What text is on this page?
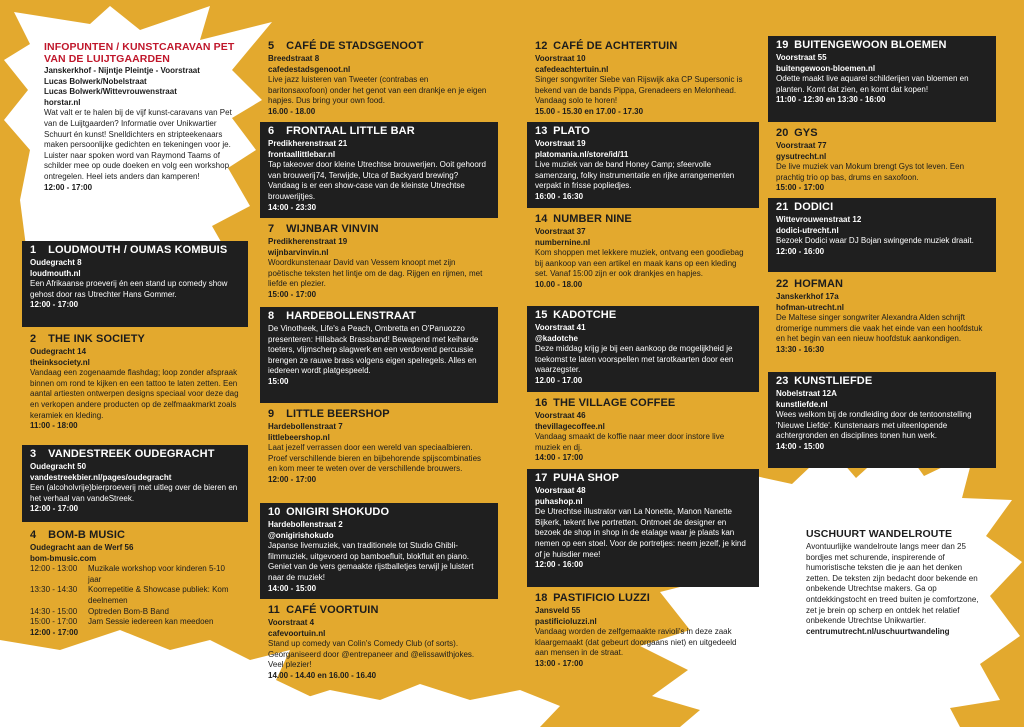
INFOPUNTEN / KUNSTCARAVAN PET VAN DE LUIJTGAARDEN
Janskerkhof - Nijntje Pleintje - Voorstraat
Lucas Bolwerk/Nobelstraat
Lucas Bolwerk/Wittevrouwenstraat
horstar.nl
Wat valt er te halen bij de vijf kunst-caravans van Pet van de Luijtgaarden? Informatie over Unikwartier Schuurt én kunst! Snelldichters en stripteekenaars maken persoonlijke gedichten en tekeningen voor je. Luister naar spoken word van Raymond Taams of schilder mee op oude doeken en volg een workshop ontregelen. Heel iets anders dan kamperen!
12:00 - 17:00
1 LOUDMOUTH / OUMAS KOMBUIS
Oudegracht 8
loudmouth.nl
Een Afrikaanse proeverij én een stand up comedy show gehost door ras Utrechter Hans Gommer.
12:00 - 17:00
2 THE INK SOCIETY
Oudegracht 14
theinksociety.nl
Vandaag een zogenaamde flashdag; loop zonder afspraak binnen om rond te kijken en een tattoo te laten zetten. Een aantal artiesten ontwerpen designs speciaal voor deze dag en verkopen andere producten op de zelfmaakmarkt zoals keramiek en kleding.
11:00 - 18:00
3 VANDESTREEK OUDEGRACHT
Oudegracht 50
vandestreekbier.nl/pages/oudegracht
Een (alcoholvrije)bierproeverij met uitleg over de bieren en het verhaal van vandeStreek.
12:00 - 17:00
4 BOM-B MUSIC
Oudegracht aan de Werf 56
bom-bmusic.com
12:00 - 13:00	Muzikale workshop voor kinderen 5-10 jaar
13:30 - 14:30	Koorrepetitie & Showcase publiek: Kom deelnemen
14:30 - 15:00	Optreden Bom-B Band
15:00 - 17:00	Jam Sessie iedereen kan meedoen
12:00 - 17:00
5 CAFÉ DE STADSGENOOT
Breedstraat 8
cafedestadsgenoot.nl
Live jazz luisteren van Tweeter (contrabas en baritonsaxofoon) onder het genot van een drankje en je eigen hapjes. Dus bring your own food.
16.00 - 18.00
6 FRONTAAL LITTLE BAR
Predikherenstraat 21
frontaallittlebar.nl
Tap takeover door kleine Utrechtse brouwerijen. Ooit gehoord van brouwerij74, Terwijde, Utca of Backyard brewing? Vandaag is er een show-case van de kleinste Utrechtse brouwerijtjes.
14:00 - 23:30
7 WIJNBAR VINVIN
Predikherenstraat 19
wijnbarvinvin.nl
Woordkunstenaar David van Vessem knoopt met zijn poëtische teksten het lintje om de dag. Rijgen en rijmen, met liefde en plezier.
15:00 - 17:00
8 HARDEBOLLENSTRAAT
De Vinotheek, Life's a Peach, Ombretta en O'Panuozzo presenteren: Hillsback Brassband! Bewapend met keiharde toeters, vlijmscherp slagwerk en een verdovend percussie brengen ze rauwe brass volgens eigen spelregels. Alles en iedereen wordt platgespeeld.
15:00
9 LITTLE BEERSHOP
Hardebollenstraat 7
littlebeershop.nl
Laat jezelf verrassen door een wereld van speciaalbieren. Proef verschillende bieren en bijbehorende spijscombinaties en kom meer te weten over de verschillende brouwers.
12:00 - 17:00
10 ONIGIRI SHOKUDO
Hardebollenstraat 2
@onigirishokudo
Japanse livemuziek, van traditionele tot Studio Ghibli-filmmuziek, uitgevoerd op bamboefluit, blokfluit en piano. Geniet van de vers gemaakte rijstballetjes terwijl je luistert naar de muziek!
14:00 - 15:00
11 CAFÉ VOORTUIN
Voorstraat 4
cafevoortuin.nl
Stand up comedy van Colin's Comedy Club (of sorts). Georganiseerd door @entrepaneer and @elissawithjokes. Veel plezier!
14.00 - 14.40 en 16.00 - 16.40
12 CAFÉ DE ACHTERTUIN
Voorstraat 10
cafedeachtertuin.nl
Singer songwriter Siebe van Rijswijk aka CP Supersonic is bekend van de bands Pippa, Grenadeers en Melonhead. Vandaag solo te horen!
15.00 - 15.30 en 17.00 - 17.30
13 PLATO
Voorstraat 19
platomania.nl/store/id/11
Live muziek van de band Honey Camp; sfeervolle samenzang, folky instrumentatie en rijke arrangementen verpakt in frisse popliedjes.
16:00 - 16:30
14 NUMBER NINE
Voorstraat 37
numbernine.nl
Kom shoppen met lekkere muziek, ontvang een goodiebag bij aankoop van een artikel en maak kans op een kleding set. Vanaf 15:00 zijn er ook drankjes en hapjes.
10.00 - 18.00
15 KADOTCHE
Voorstraat 41
@kadotche
Deze middag krijg je bij een aankoop de mogelijkheid je toekomst te laten voorspellen met tarotkaarten door een waarzegster.
12.00 - 17.00
16 THE VILLAGE COFFEE
Voorstraat 46
thevillagecoffee.nl
Vandaag smaakt de koffie naar meer door instore live muziek en dj.
14:00 - 17:00
17 PUHA SHOP
Voorstraat 48
puhashop.nl
De Utrechtse illustrator van La Nonette, Manon Nanette Bijkerk, tekent live portretten. Ontmoet de designer en bezoek de shop in shop in de etalage waar je plaats kan nemen op een stoel. Voor de portretjes: neem jezelf, je kind of je huisdier mee!
12:00 - 16:00
18 PASTIFICIO LUZZI
Jansveld 55
pastificioluzzi.nl
Vandaag worden de zelfgemaakte ravioli's in deze zaak klaargemaakt (dat gebeurt doorgaans niet) en uitgedeeld aan mensen in de straat.
13:00 - 17:00
19 BUITENGEWOON BLOEMEN
Voorstraat 55
buitengewoon-bloemen.nl
Odette maakt live aquarel schilderijen van bloemen en planten. Komt dat zien, en komt dat kopen!
11:00 - 12:30 en 13:30 - 16:00
20 GYS
Voorstraat 77
gysutrecht.nl
De live muziek van Mokum brengt Gys tot leven. Een prachtig trio op bas, drums en saxofoon.
15:00 - 17:00
21 DODICI
Wittevrouwenstraat 12
dodici-utrecht.nl
Bezoek Dodici waar DJ Bojan swingende muziek draait.
12:00 - 16:00
22 HOFMAN
Janskerkhof 17a
hofman-utrecht.nl
De Maltese singer songwriter Alexandra Alden schrijft dromerige nummers die vaak het einde van een hoofdstuk en het begin van een nieuw hoofdstuk aankondigen.
13:30 - 16:30
23 KUNSTLIEFDE
Nobelstraat 12A
kunstliefde.nl
Wees welkom bij de rondleiding door de tentoonstelling 'Nieuwe Liefde'. Kunstenaars met uiteenlopende achtergronden en disciplines tonen hun werk.
14:00 - 15:00
USCHUURT WANDELROUTE
Avontuurlijke wandelroute langs meer dan 25 bordjes met schurende, inspirerende of humoristische teksten die je aan het denken zetten. De teksten zijn bedacht door bekende en onbekende Utrechtse makers. Ga op ontdekkingstocht en treed buiten je comfortzone, zet je brein op scherp en ontdek het relatief onbekende Utrechtse Unikwartier.
centrumutrecht.nl/uschuurtwandeling
